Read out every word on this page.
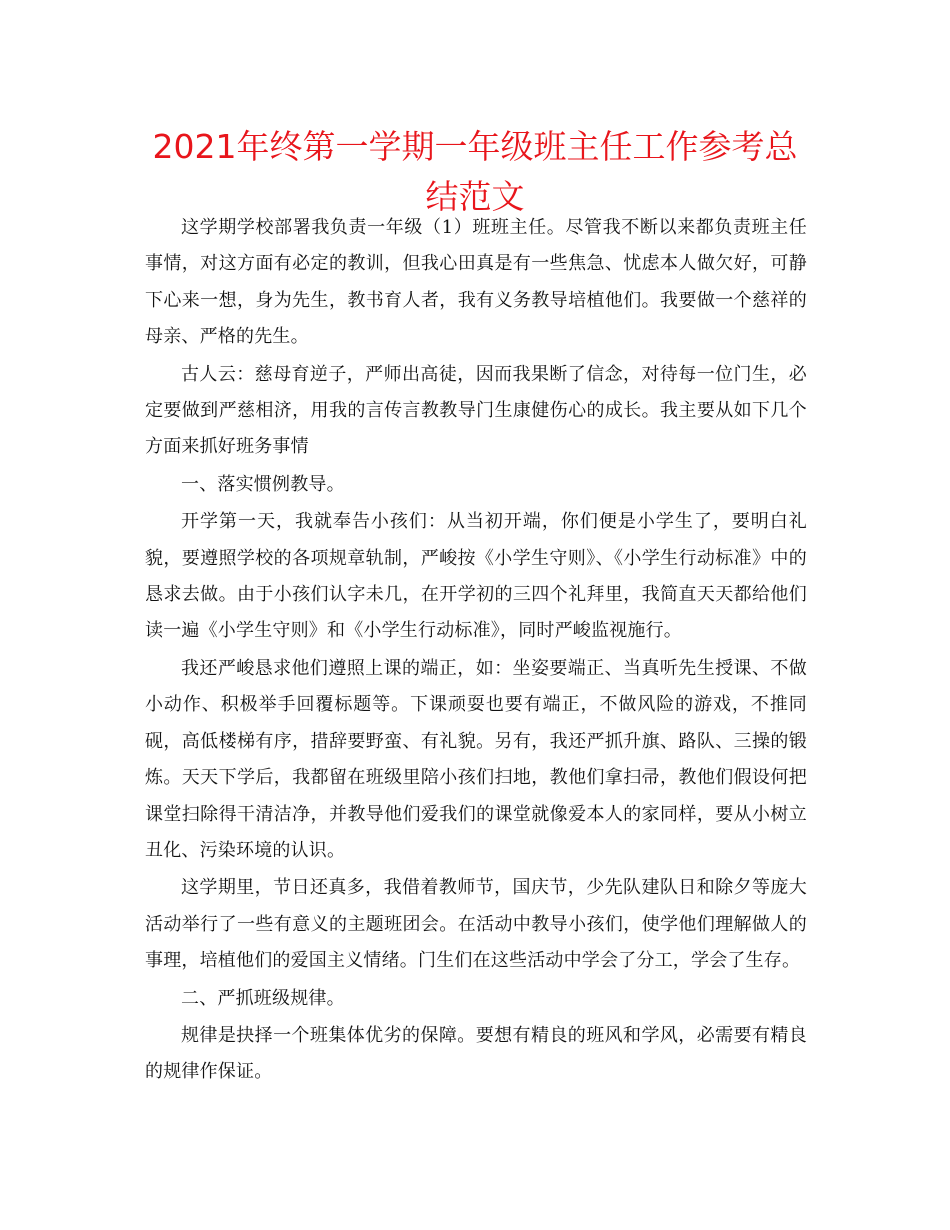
2021年终第一学期一年级班主任工作参考总结范文

这学期学校部署我负责一年级（1）班班主任。尽管我不断以来都负责班主任事情，对这方面有必定的教训，但我心田真是有一些焦急、忧虑本人做欠好，可静下心来一想，身为先生，教书育人者，我有义务教导培植他们。我要做一个慈祥的母亲、严格的先生。

古人云：慈母育逆子，严师出高徒，因而我果断了信念，对待每一位门生，必定要做到严慈相济，用我的言传言教教导门生康健伤心的成长。我主要从如下几个方面来抓好班务事情

一、落实惯例教导。

开学第一天，我就奉告小孩们：从当初开端，你们便是小学生了，要明白礼貌，要遵照学校的各项规章轨制，严峻按《小学生守则》、《小学生行动标准》中的恳求去做。由于小孩们认字未几，在开学初的三四个礼拜里，我简直天天都给他们读一遍《小学生守则》和《小学生行动标准》，同时严峻监视施行。

我还严峻恳求他们遵照上课的端正，如：坐姿要端正、当真听先生授课、不做小动作、积极举手回覆标题等。下课顽耍也要有端正，不做风险的游戏，不推同砚，高低楼梯有序，措辞要野蛮、有礼貌。另有，我还严抓升旗、路队、三操的锻炼。天天下学后，我都留在班级里陪小孩们扫地，教他们拿扫帚，教他们假设何把课堂扫除得干清洁净，并教导他们爱我们的课堂就像爱本人的家同样，要从小树立丑化、污染环境的认识。

这学期里，节日还真多，我借着教师节，国庆节，少先队建队日和除夕等庞大活动举行了一些有意义的主题班团会。在活动中教导小孩们，使学他们理解做人的事理，培植他们的爱国主义情绪。门生们在这些活动中学会了分工，学会了生存。

二、严抓班级规律。

规律是抉择一个班集体优劣的保障。要想有精良的班风和学风，必需要有精良的规律作保证。
